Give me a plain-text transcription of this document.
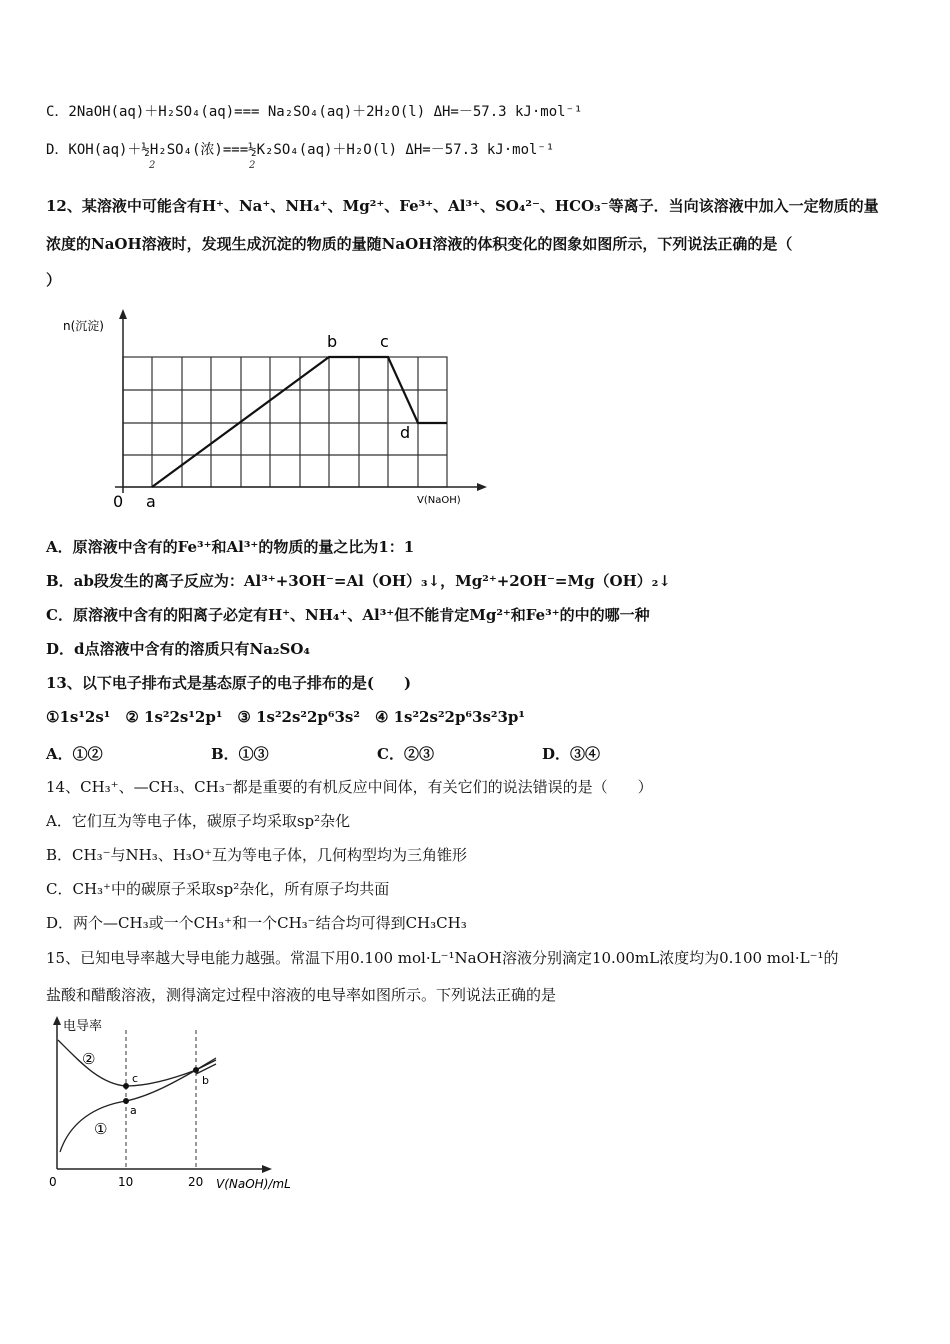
C．2NaOH(aq)＋H₂SO₄(aq)=== Na₂SO₄(aq)＋2H₂O(l) ΔH=－57.3 kJ·mol⁻¹
D．KOH(aq)＋½H₂SO₄(浓)===½K₂SO₄(aq)＋H₂O(l) ΔH=－57.3 kJ·mol⁻¹
2	2
12、某溶液中可能含有H⁺、Na⁺、NH₄⁺、Mg²⁺、Fe³⁺、Al³⁺、SO₄²⁻、HCO₃⁻等离子．当向该溶液中加入一定物质的量
浓度的NaOH溶液时，发现生成沉淀的物质的量随NaOH溶液的体积变化的图象如图所示，下列说法正确的是（
）
n(沉淀)
V(NaOH)
0 a
b	c
d
A．原溶液中含有的Fe³⁺和Al³⁺的物质的量之比为1：1
B．ab段发生的离子反应为：Al³⁺+3OH⁻=Al（OH）₃↓，Mg²⁺+2OH⁻=Mg（OH）₂↓
C．原溶液中含有的阳离子必定有H⁺、NH₄⁺、Al³⁺但不能肯定Mg²⁺和Fe³⁺的中的哪一种
D．d点溶液中含有的溶质只有Na₂SO₄
13、以下电子排布式是基态原子的电子排布的是(　　)
①1s¹2s¹　② 1s²2s¹2p¹　③ 1s²2s²2p⁶3s²　④ 1s²2s²2p⁶3s²3p¹
A．①②	B．①③	C．②③	D．③④
14、CH₃⁺、—CH₃、CH₃⁻都是重要的有机反应中间体，有关它们的说法错误的是（　　）
A．它们互为等电子体，碳原子均采取sp²杂化
B．CH₃⁻与NH₃、H₃O⁺互为等电子体，几何构型均为三角锥形
C．CH₃⁺中的碳原子采取sp²杂化，所有原子均共面
D．两个—CH₃或一个CH₃⁺和一个CH₃⁻结合均可得到CH₃CH₃
15、已知电导率越大导电能力越强。常温下用0.100 mol·L⁻¹NaOH溶液分别滴定10.00mL浓度均为0.100 mol·L⁻¹的
盐酸和醋酸溶液，测得滴定过程中溶液的电导率如图所示。下列说法正确的是
电导率
②
①
c
a
b
0	10	20 V(NaOH)/mL
